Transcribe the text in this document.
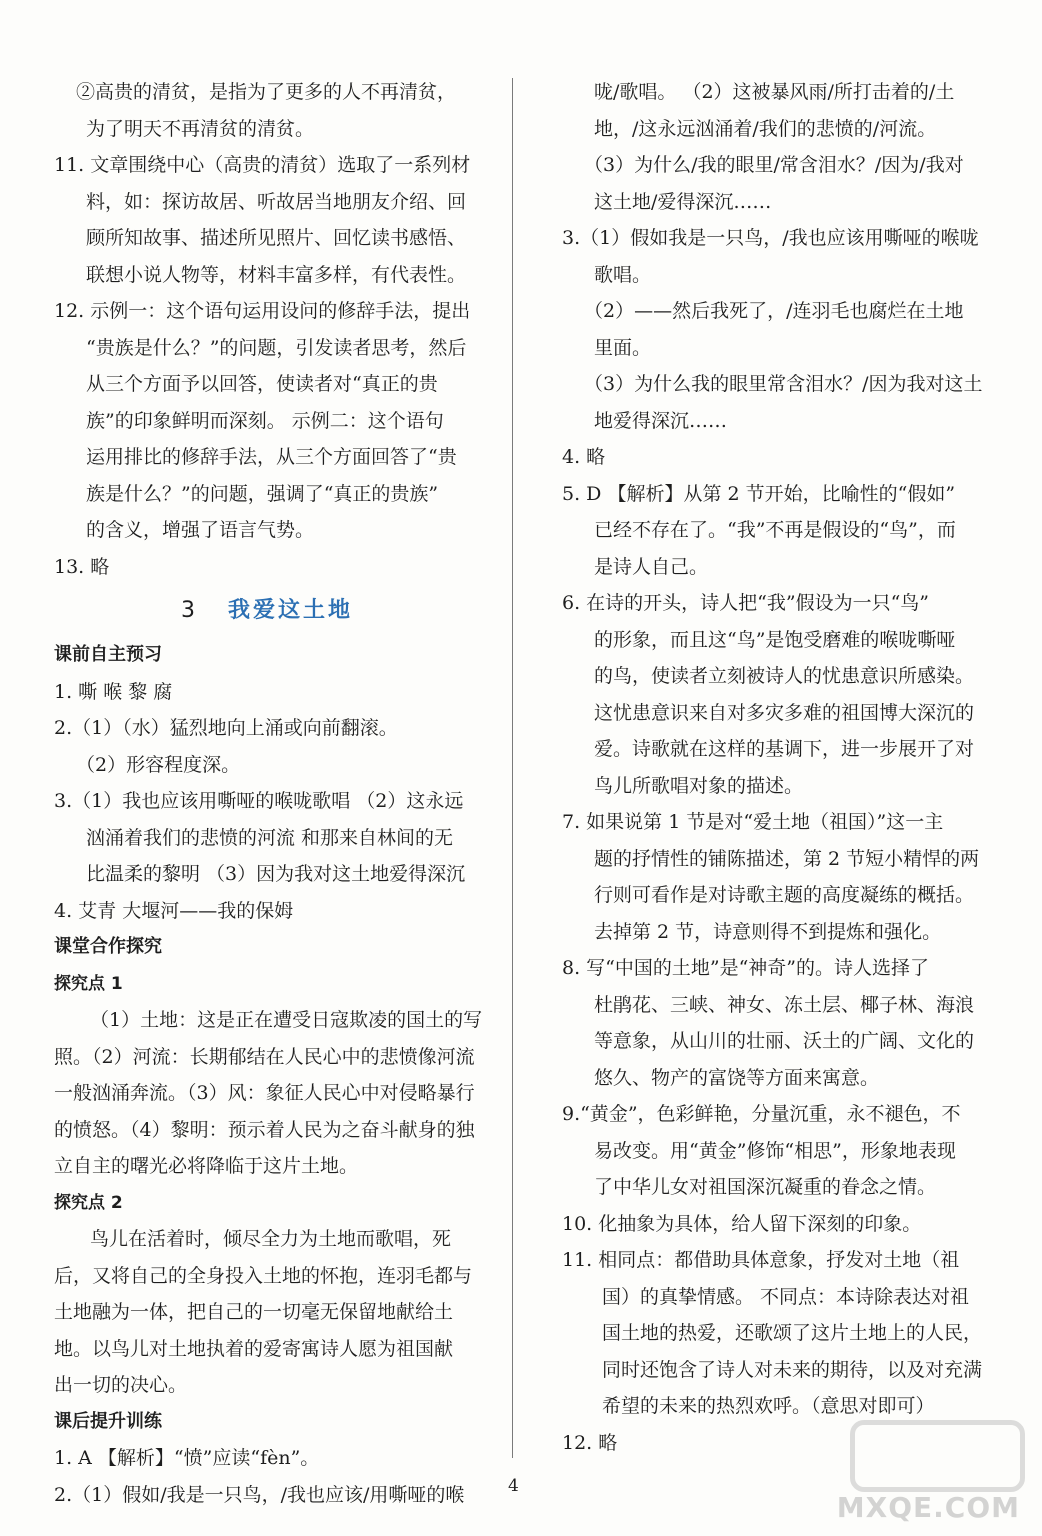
②高贵的清贫，是指为了更多的人不再清贫，
为了明天不再清贫的清贫。
11. 文章围绕中心（高贵的清贫）选取了一系列材
料，如：探访故居、听故居当地朋友介绍、回
顾所知故事、描述所见照片、回忆读书感悟、
联想小说人物等，材料丰富多样，有代表性。
12. 示例一：这个语句运用设问的修辞手法，提出
“贵族是什么？”的问题，引发读者思考，然后
从三个方面予以回答，使读者对“真正的贵
族”的印象鲜明而深刻。 示例二：这个语句
运用排比的修辞手法，从三个方面回答了“贵
族是什么？”的问题，强调了“真正的贵族”
的含义，增强了语言气势。
13. 略
3 我爱这土地
课前自主预习
1. 嘶 喉 黎 腐
2.（1）（水）猛烈地向上涌或向前翻滚。
（2）形容程度深。
3.（1）我也应该用嘶哑的喉咙歌唱 （2）这永远
汹涌着我们的悲愤的河流 和那来自林间的无
比温柔的黎明 （3）因为我对这土地爱得深沉
4. 艾青 大堰河——我的保姆
课堂合作探究
探究点 1
（1）土地：这是正在遭受日寇欺凌的国土的写
照。（2）河流：长期郁结在人民心中的悲愤像河流
一般汹涌奔流。（3）风：象征人民心中对侵略暴行
的愤怒。（4）黎明：预示着人民为之奋斗献身的独
立自主的曙光必将降临于这片土地。
探究点 2
鸟儿在活着时，倾尽全力为土地而歌唱，死
后，又将自己的全身投入土地的怀抱，连羽毛都与
土地融为一体，把自己的一切毫无保留地献给土
地。以鸟儿对土地执着的爱寄寓诗人愿为祖国献
出一切的决心。
课后提升训练
1. A 【解析】“愤”应读“fèn”。
2.（1）假如/我是一只鸟，/我也应该/用嘶哑的喉
咙/歌唱。 （2）这被暴风雨/所打击着的/土
地，/这永远汹涌着/我们的悲愤的/河流。
（3）为什么/我的眼里/常含泪水？/因为/我对
这土地/爱得深沉……
3.（1）假如我是一只鸟，/我也应该用嘶哑的喉咙
歌唱。
（2）——然后我死了，/连羽毛也腐烂在土地
里面。
（3）为什么我的眼里常含泪水？/因为我对这土
地爱得深沉……
4. 略
5. D 【解析】从第 2 节开始，比喻性的“假如”
已经不存在了。“我”不再是假设的“鸟”，而
是诗人自己。
6. 在诗的开头，诗人把“我”假设为一只“鸟”
的形象，而且这“鸟”是饱受磨难的喉咙嘶哑
的鸟，使读者立刻被诗人的忧患意识所感染。
这忧患意识来自对多灾多难的祖国博大深沉的
爱。诗歌就在这样的基调下，进一步展开了对
鸟儿所歌唱对象的描述。
7. 如果说第 1 节是对“爱土地（祖国）”这一主
题的抒情性的铺陈描述，第 2 节短小精悍的两
行则可看作是对诗歌主题的高度凝练的概括。
去掉第 2 节，诗意则得不到提炼和强化。
8. 写“中国的土地”是“神奇”的。诗人选择了
杜鹃花、三峡、神女、冻土层、椰子林、海浪
等意象，从山川的壮丽、沃土的广阔、文化的
悠久、物产的富饶等方面来寓意。
9.“黄金”，色彩鲜艳，分量沉重，永不褪色，不
易改变。用“黄金”修饰“相思”，形象地表现
了中华儿女对祖国深沉凝重的眷念之情。
10. 化抽象为具体，给人留下深刻的印象。
11. 相同点：都借助具体意象，抒发对土地（祖
国）的真挚情感。 不同点：本诗除表达对祖
国土地的热爱，还歌颂了这片土地上的人民，
同时还饱含了诗人对未来的期待，以及对充满
希望的未来的热烈欢呼。（意思对即可）
12. 略
4
MXQE.COM
